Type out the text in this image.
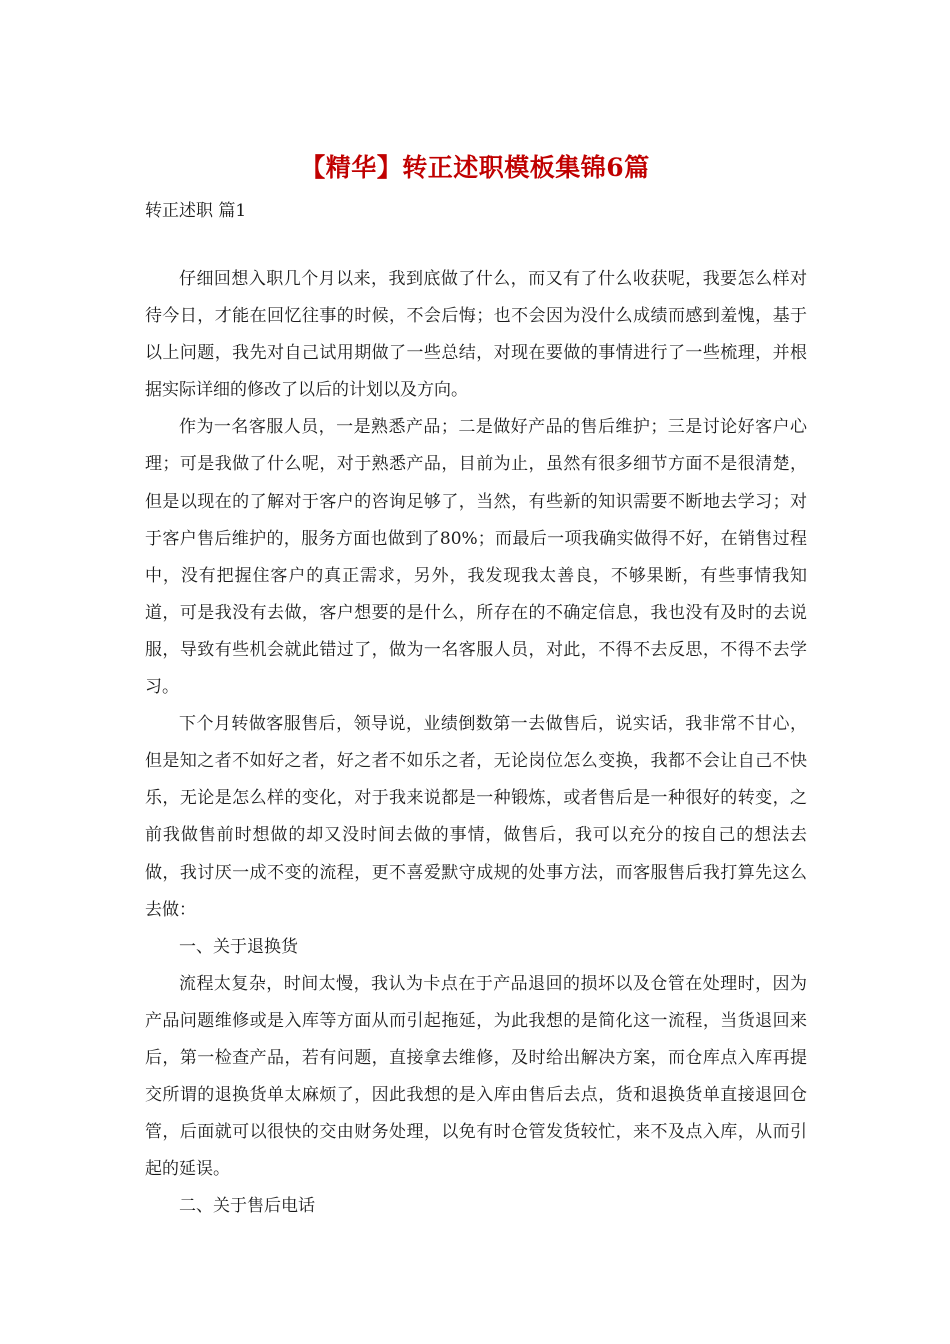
【精华】转正述职模板集锦6篇

转正述职 篇1

仔细回想入职几个月以来，我到底做了什么，而又有了什么收获呢，我要怎么样对待今日，才能在回忆往事的时候，不会后悔；也不会因为没什么成绩而感到羞愧，基于以上问题，我先对自己试用期做了一些总结，对现在要做的事情进行了一些梳理，并根据实际详细的修改了以后的计划以及方向。

作为一名客服人员，一是熟悉产品；二是做好产品的售后维护；三是讨论好客户心理；可是我做了什么呢，对于熟悉产品，目前为止，虽然有很多细节方面不是很清楚，但是以现在的了解对于客户的咨询足够了，当然，有些新的知识需要不断地去学习；对于客户售后维护的，服务方面也做到了80%；而最后一项我确实做得不好，在销售过程中，没有把握住客户的真正需求，另外，我发现我太善良，不够果断，有些事情我知道，可是我没有去做，客户想要的是什么，所存在的不确定信息，我也没有及时的去说服，导致有些机会就此错过了，做为一名客服人员，对此，不得不去反思，不得不去学习。

下个月转做客服售后，领导说，业绩倒数第一去做售后，说实话，我非常不甘心，但是知之者不如好之者，好之者不如乐之者，无论岗位怎么变换，我都不会让自己不快乐，无论是怎么样的变化，对于我来说都是一种锻炼，或者售后是一种很好的转变，之前我做售前时想做的却又没时间去做的事情，做售后，我可以充分的按自己的想法去做，我讨厌一成不变的流程，更不喜爱默守成规的处事方法，而客服售后我打算先这么去做：

一、关于退换货

流程太复杂，时间太慢，我认为卡点在于产品退回的损坏以及仓管在处理时，因为产品问题维修或是入库等方面从而引起拖延，为此我想的是简化这一流程，当货退回来后，第一检查产品，若有问题，直接拿去维修，及时给出解决方案，而仓库点入库再提交所谓的退换货单太麻烦了，因此我想的是入库由售后去点，货和退换货单直接退回仓管，后面就可以很快的交由财务处理，以免有时仓管发货较忙，来不及点入库，从而引起的延误。

二、关于售后电话
